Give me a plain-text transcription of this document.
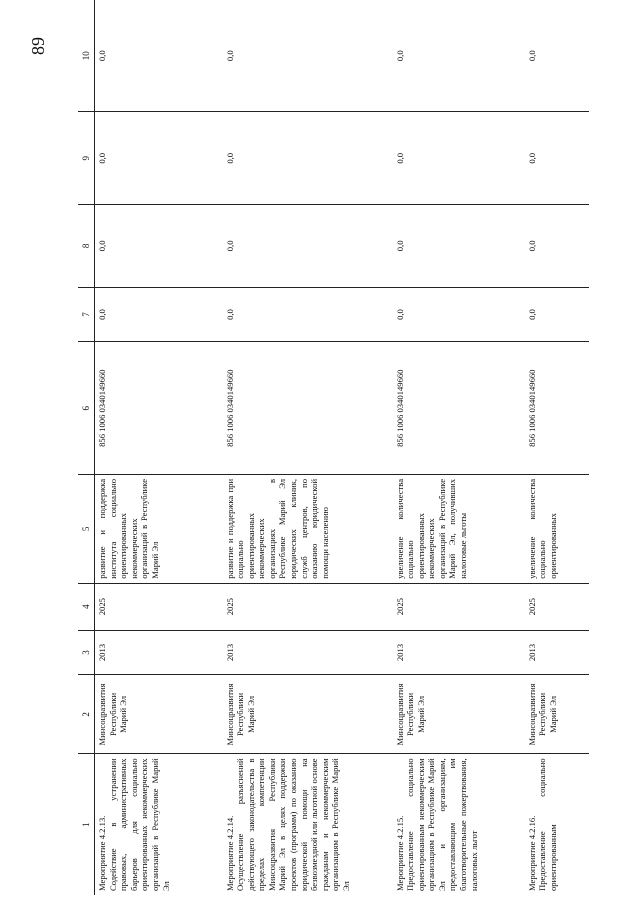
89
1	2	3	4	5	6	7	8	9	10

Мероприятие 4.2.13. Содействие в устранении правовых, административных барьеров для социально ориентированных некоммерческих организаций в Республике Марий Эл	Минсоцразвития Республики Марий Эл	2013	2025	развитие и поддержка института социально ориентированных некоммерческих организаций в Республике Марий Эл	856 1006 0340149660	0,0	0,0	0,0	0,0

Мероприятие 4.2.14. Осуществление разъяснений действующего законодательства в пределах компетенции Минсоцразвития Республики Марий Эл в целях поддержки проектов (программ) по оказанию юридической помощи на безвозмездной или льготной основе гражданам и некоммерческим организациям в Республике Марий Эл	Минсоцразвития Республики Марий Эл	2013	2025	развитие и поддержка при социально ориентированных некоммерческих организациях в Республике Марий Эл юридических клиник, служб центров, по оказанию юридической помощи населению	856 1006 0340149660	0,0	0,0	0,0	0,0

Мероприятие 4.2.15. Предоставление социально ориентированным некоммерческим организациям в Республике Марий Эл и организациям, предоставляющим им благотворительные пожертвования, налоговых льгот	Минсоцразвития Республики Марий Эл	2013	2025	увеличение количества социально ориентированных некоммерческих организаций в Республике Марий Эл, получивших налоговые льготы	856 1006 0340149660	0,0	0,0	0,0	0,0

Мероприятие 4.2.16. Предоставление социально ориентированным	Минсоцразвития Республики Марий Эл	2013	2025	увеличение количества социально ориентированных	856 1006 0340149660	0,0	0,0	0,0	0,0
